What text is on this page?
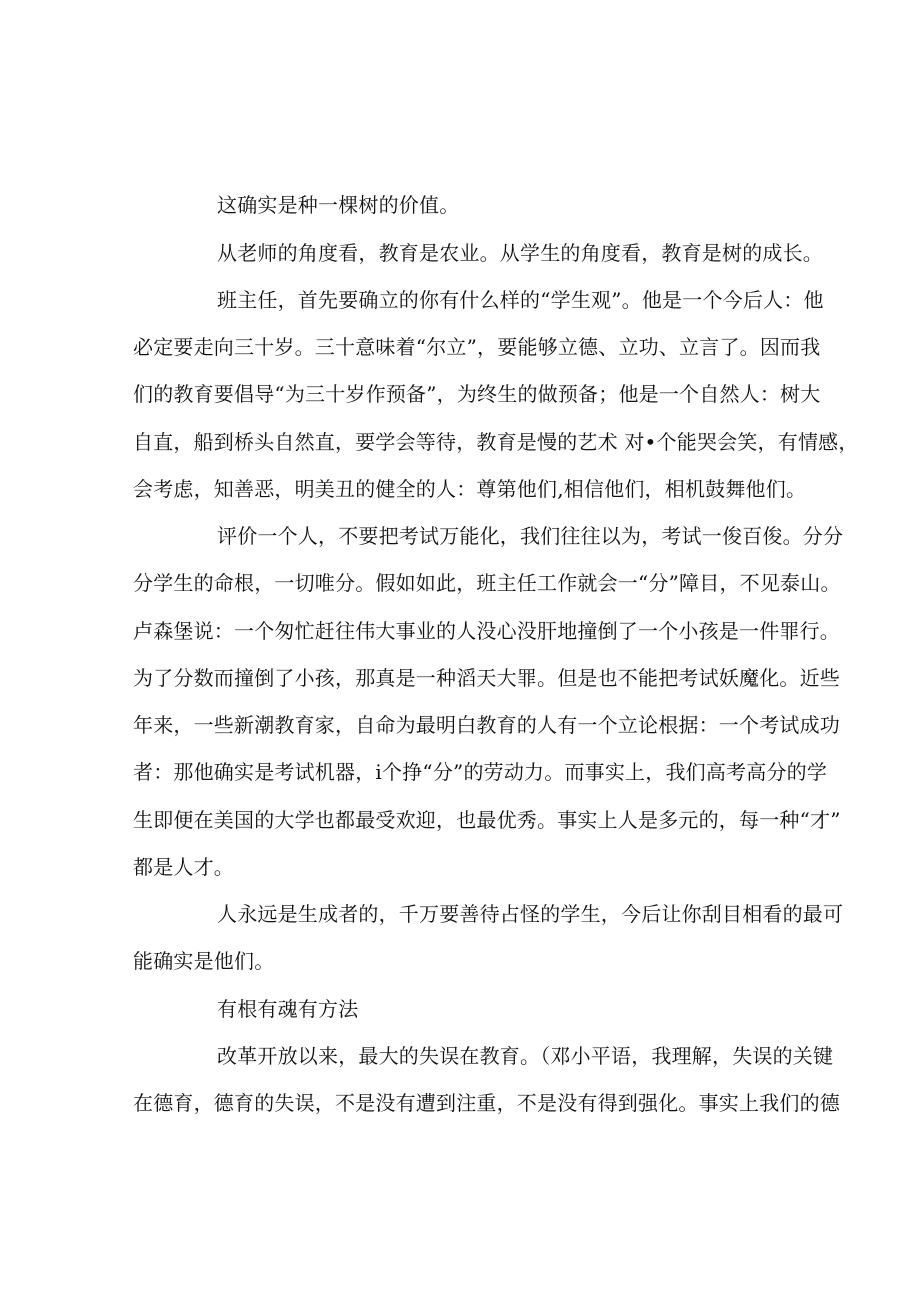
这确实是种一棵树的价值。
从老师的角度看，教育是农业。从学生的角度看，教育是树的成长。
班主任，首先要确立的你有什么样的“学生观”。他是一个今后人：他
必定要走向三十岁。三十意味着“尔立”，要能够立德、立功、立言了。因而我
们的教育要倡导“为三十岁作预备”，为终生的做预备；他是一个自然人：树大
自直，船到桥头自然直，要学会等待，教育是慢的艺术 对•个能哭会笑，有情感，
会考虑，知善恶，明美丑的健全的人：尊第他们,相信他们，相机鼓舞他们。
评价一个人，不要把考试万能化，我们往往以为，考试一俊百俊。分分
分学生的命根，一切唯分。假如如此，班主任工作就会一“分”障目，不见泰山。
卢森堡说：一个匆忙赶往伟大事业的人没心没肝地撞倒了一个小孩是一件罪行。
为了分数而撞倒了小孩，那真是一种滔天大罪。但是也不能把考试妖魔化。近些
年来，一些新潮教育家，自命为最明白教育的人有一个立论根据：一个考试成功
者：那他确实是考试机器，i个挣“分”的劳动力。而事实上，我们高考高分的学
生即便在美国的大学也都最受欢迎，也最优秀。事实上人是多元的，每一种“才”
都是人才。
人永远是生成者的，千万要善待占怪的学生，今后让你刮目相看的最可
能确实是他们。
有根有魂有方法
改革开放以来，最大的失误在教育。（邓小平语，我理解，失误的关键
在德育，德育的失误，不是没有遭到注重，不是没有得到强化。事实上我们的德
